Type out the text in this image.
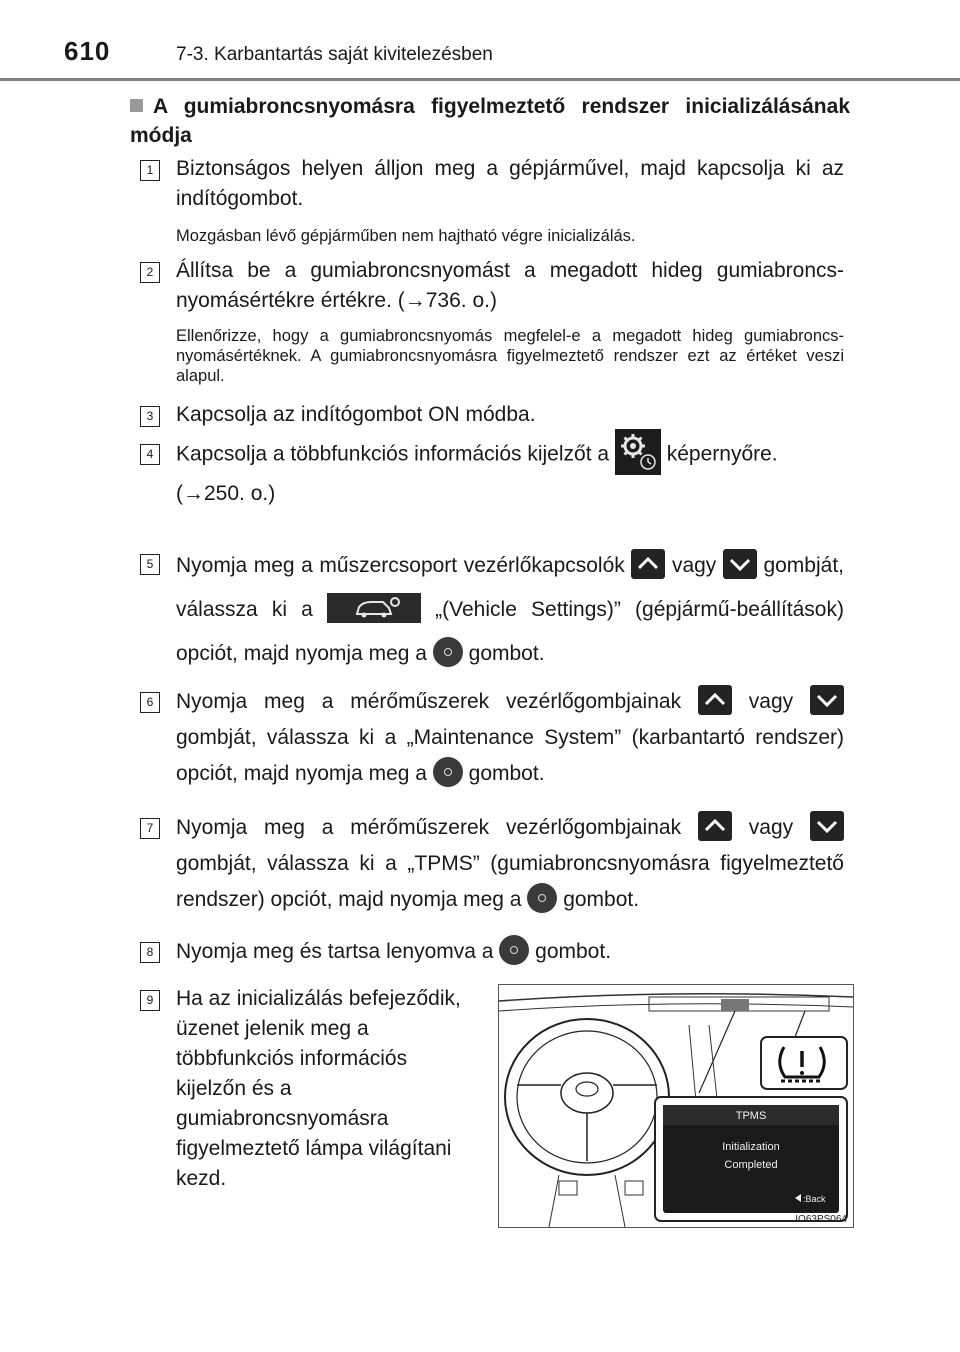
610	7-3. Karbantartás saját kivitelezésben
A gumiabroncsnyomásra figyelmeztető rendszer inicializálásának módja
1	Biztonságos helyen álljon meg a gépjárművel, majd kapcsolja ki az indítógombot.
Mozgásban lévő gépjárműben nem hajtható végre inicializálás.
2	Állítsa be a gumiabroncsnyomást a megadott hideg gumiabroncs-nyomásértékre értékre. (→736. o.)
Ellenőrizze, hogy a gumiabroncsnyomás megfelel-e a megadott hideg gumiabroncs-nyomásértéknek. A gumiabroncsnyomásra figyelmeztető rendszer ezt az értéket veszi alapul.
3	Kapcsolja az indítógombot ON módba.
4	Kapcsolja a többfunkciós információs kijelzőt a	képernyőre.
(→250. o.)
5	Nyomja meg a műszercsoport vezérlőkapcsolók vagy gombját, válassza ki a	„(Vehicle Settings)” (gépjármű-beállítások) opciót, majd nyomja meg a gombot.
6	Nyomja meg a mérőműszerek vezérlőgombjainak	vagy
gombját, válassza ki a „Maintenance System” (karbantartó rendszer) opciót, majd nyomja meg a gombot.
7	Nyomja meg a mérőműszerek vezérlőgombjainak	vagy
gombját, válassza ki a „TPMS” (gumiabroncsnyomásra figyelmeztető rendszer) opciót, majd nyomja meg a gombot.
8	Nyomja meg és tartsa lenyomva a gombot.
9	Ha az inicializálás befejeződik, üzenet jelenik meg a többfunkciós információs kijelzőn és a gumiabroncsnyomásra figyelmeztető lámpa világítani kezd.
TPMS
Initialization
Completed
:Back
IO63PS064
